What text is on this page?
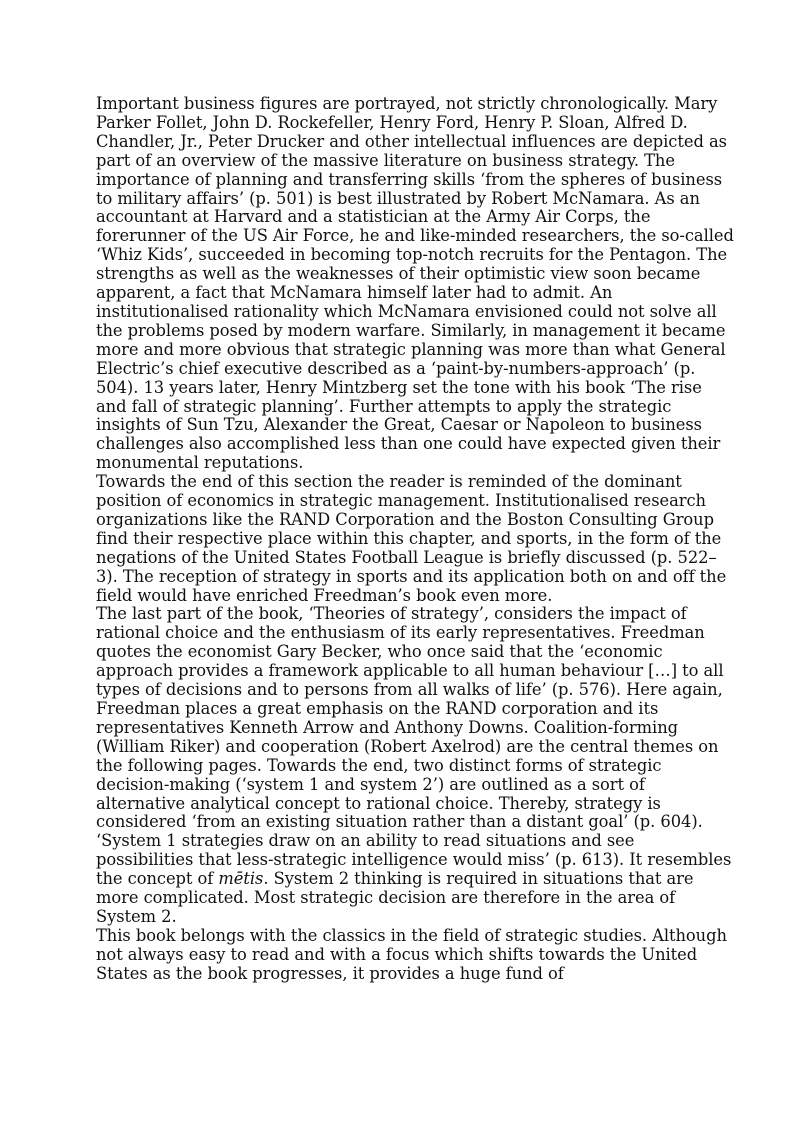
Important business figures are portrayed, not strictly chronologically. Mary Parker Follet, John D. Rockefeller, Henry Ford, Henry P. Sloan, Alfred D. Chandler, Jr., Peter Drucker and other intellectual influences are depicted as part of an overview of the massive literature on business strategy. The importance of planning and transferring skills ‘from the spheres of business to military affairs’ (p. 501) is best illustrated by Robert McNamara. As an accountant at Harvard and a statistician at the Army Air Corps, the forerunner of the US Air Force, he and like-minded researchers, the so-called ‘Whiz Kids’, succeeded in becoming top-notch recruits for the Pentagon. The strengths as well as the weaknesses of their optimistic view soon became apparent, a fact that McNamara himself later had to admit. An institutionalised rationality which McNamara envisioned could not solve all the problems posed by modern warfare. Similarly, in management it became more and more obvious that strategic planning was more than what General Electric’s chief executive described as a ‘paint-by-numbers-approach’ (p. 504). 13 years later, Henry Mintzberg set the tone with his book ‘The rise and fall of strategic planning’. Further attempts to apply the strategic insights of Sun Tzu, Alexander the Great, Caesar or Napoleon to business challenges also accomplished less than one could have expected given their monumental reputations.

Towards the end of this section the reader is reminded of the dominant position of economics in strategic management. Institutionalised research organizations like the RAND Corporation and the Boston Consulting Group find their respective place within this chapter, and sports, in the form of the negations of the United States Football League is briefly discussed (p. 522–3). The reception of strategy in sports and its application both on and off the field would have enriched Freedman’s book even more.

The last part of the book, ‘Theories of strategy’, considers the impact of rational choice and the enthusiasm of its early representatives. Freedman quotes the economist Gary Becker, who once said that the ‘economic approach provides a framework applicable to all human behaviour […] to all types of decisions and to persons from all walks of life’ (p. 576). Here again, Freedman places a great emphasis on the RAND corporation and its representatives Kenneth Arrow and Anthony Downs. Coalition-forming (William Riker) and cooperation (Robert Axelrod) are the central themes on the following pages. Towards the end, two distinct forms of strategic decision-making (‘system 1 and system 2’) are outlined as a sort of alternative analytical concept to rational choice. Thereby, strategy is considered ‘from an existing situation rather than a distant goal’ (p. 604). ‘System 1 strategies draw on an ability to read situations and see possibilities that less-strategic intelligence would miss’ (p. 613). It resembles the concept of mētis. System 2 thinking is required in situations that are more complicated. Most strategic decision are therefore in the area of System 2.

This book belongs with the classics in the field of strategic studies. Although not always easy to read and with a focus which shifts towards the United States as the book progresses, it provides a huge fund of
